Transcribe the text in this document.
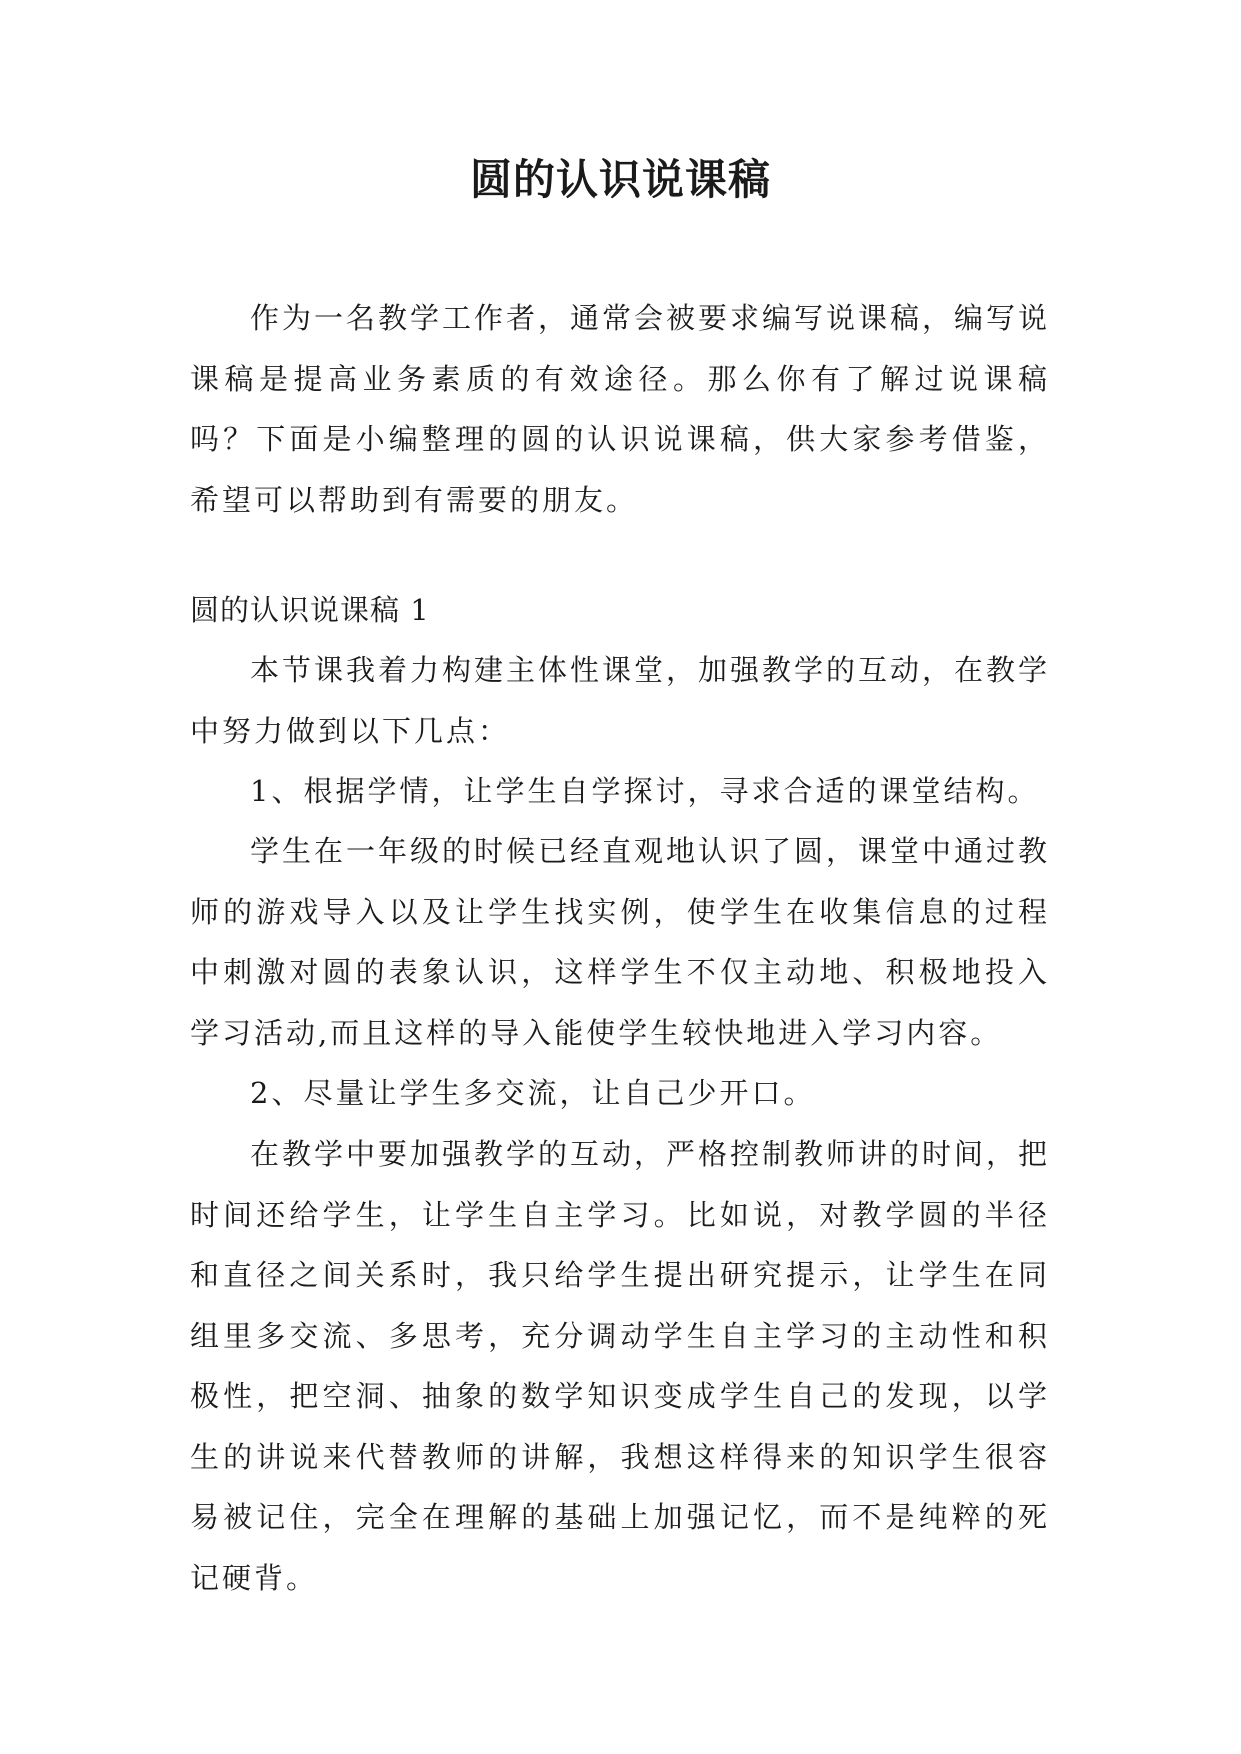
圆的认识说课稿

作为一名教学工作者，通常会被要求编写说课稿，编写说课稿是提高业务素质的有效途径。那么你有了解过说课稿吗？下面是小编整理的圆的认识说课稿，供大家参考借鉴，希望可以帮助到有需要的朋友。

圆的认识说课稿 1

本节课我着力构建主体性课堂，加强教学的互动，在教学中努力做到以下几点：

1、根据学情，让学生自学探讨，寻求合适的课堂结构。

学生在一年级的时候已经直观地认识了圆，课堂中通过教师的游戏导入以及让学生找实例，使学生在收集信息的过程中刺激对圆的表象认识，这样学生不仅主动地、积极地投入学习活动,而且这样的导入能使学生较快地进入学习内容。

2、尽量让学生多交流，让自己少开口。

在教学中要加强教学的互动，严格控制教师讲的时间，把时间还给学生，让学生自主学习。比如说，对教学圆的半径和直径之间关系时，我只给学生提出研究提示，让学生在同组里多交流、多思考，充分调动学生自主学习的主动性和积极性，把空洞、抽象的数学知识变成学生自己的发现，以学生的讲说来代替教师的讲解，我想这样得来的知识学生很容易被记住，完全在理解的基础上加强记忆，而不是纯粹的死记硬背。
